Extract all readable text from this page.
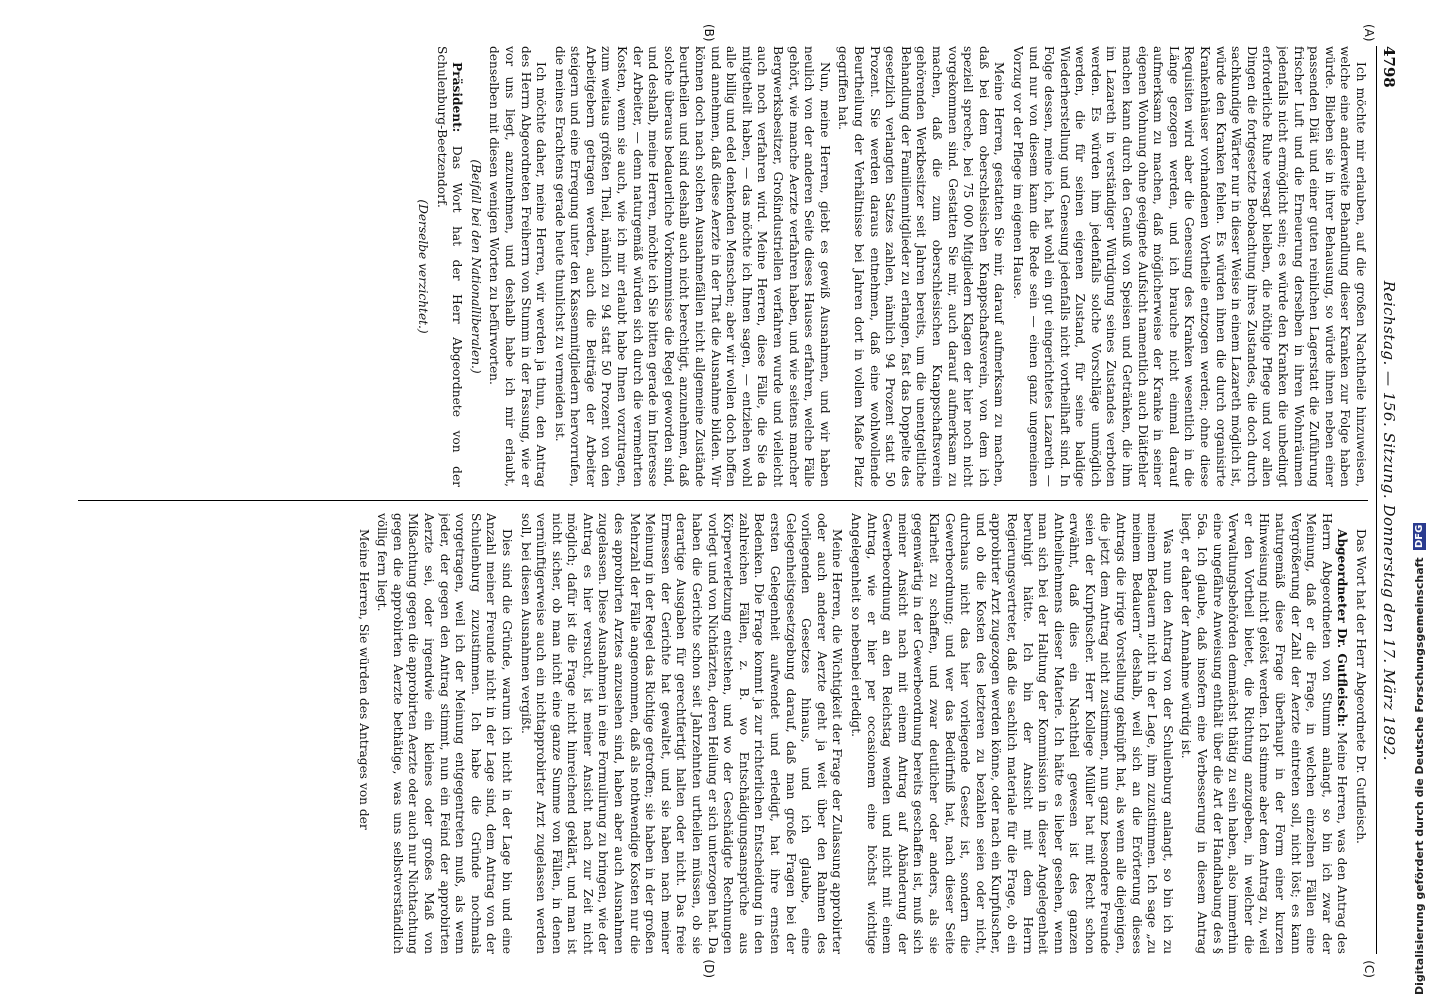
4798
Reichstag. — 156. Sitzung. Donnerstag den 17. März 1892.

Ich möchte mir erlauben, auf die großen Nachtheile hinzuweisen, welche eine anderweite Behandlung dieser Kranken zur Folge haben würde. Blieben sie in ihrer Behausung, so würde ihnen neben einer passenden Diät und einer guten reinlichen Lagerstatt die Zuführung frischer Luft und die Erneuerung derselben in ihren Wohnräumen jedenfalls nicht ermöglicht sein; es würde den Kranken die unbedingt erforderliche Ruhe versagt bleiben, die nöthige Pflege und vor allen Dingen die fortgesetzte Beobachtung ihres Zustandes, die doch durch sachkundige Wärter nur in dieser Weise in einem Lazareth möglich ist, würde den Kranken fehlen. Es würden ihnen die durch organisirte Krankenhäuser vorhandenen Vortheile entzogen werden; ohne diese Requisiten wird aber die Genesung des Kranken wesentlich in die Länge gezogen werden, und ich brauche nicht einmal darauf aufmerksam zu machen, daß möglicherweise der Kranke in seiner eigenen Wohnung ohne geeignete Aufsicht namentlich auch Diätfehler machen kann durch den Genuß von Speisen und Getränken, die ihm im Lazareth in verständiger Würdigung seines Zustandes verboten werden. Es würden ihm jedenfalls solche Vorschläge unmöglich werden, die für seinen eigenen Zustand, für seine baldige Wiederherstellung und Genesung jedenfalls nicht vortheilhaft sind. In Folge dessen, meine ich, hat wohl ein gut eingerichtetes Lazareth — und nur von diesem kann die Rede sein — einen ganz ungemeinen Vorzug vor der Pflege im eigenen Hause.

Meine Herren, gestatten Sie mir, darauf aufmerksam zu machen, daß bei dem oberschlesischen Knappschaftsverein, von dem ich speziell spreche, bei 75 000 Mitgliedern Klagen der hier noch nicht vorgekommen sind. Gestatten Sie mir, auch darauf aufmerksam zu machen, daß die zum oberschlesischen Knappschaftsverein gehörenden Werkbesitzer seit Jahren bereits, um die unentgeltliche Behandlung der Familienmitglieder zu erlangen, fast das Doppelte des gesetzlich verlangten Satzes zahlen, nämlich 94 Prozent statt 50 Prozent. Sie werden daraus entnehmen, daß eine wohlwollende Beurtheilung der Verhältnisse bei Jahren dort in vollem Maße Platz gegriffen hat.

Nun, meine Herren, giebt es gewiß Ausnahmen, und wir haben neulich von der anderen Seite dieses Hauses erfahren, welche Fälle gehört, wie manche Aerzte verfahren haben, und wie seitens mancher Bergwerksbesitzer, Großindustriellen verfahren wurde und vielleicht auch noch verfahren wird. Meine Herren, diese Fälle, die Sie da mitgetheilt haben, — das möchte ich Ihnen sagen, — entziehen wohl alle billig und edel denkenden Menschen; aber wir wollen doch hoffen und annehmen, daß diese Aerzte in der That die Ausnahme bilden. Wir können doch nach solchen Ausnahmefällen nicht allgemeine Zustände beurtheilen und sind deshalb auch nicht berechtigt, anzunehmen, daß solche überaus bedauerliche Vorkommnisse die Regel geworden sind, und deshalb, meine Herren, möchte ich Sie bitten gerade im Interesse der Arbeiter, — denn naturgemäß würden sich durch die vermehrten Kosten, wenn sie auch, wie ich mir erlaubt habe Ihnen vorzutragen, zum weitaus größten Theil, nämlich zu 94 statt 50 Prozent von den Arbeitgebern getragen werden, auch die Beiträge der Arbeiter steigern und eine Erregung unter den Kassenmitgliedern hervorrufen, die meines Erachtens gerade heute thunlichst zu vermeiden ist.

Ich möchte daher, meine Herren, wir werden ja thun, den Antrag des Herrn Abgeordneten Freiherrn von Stumm in der Fassung, wie er vor uns liegt, anzunehmen, und deshalb habe ich mir erlaubt, denselben mit diesen wenigen Worten zu befürworten.

(Beifall bei den Nationalliberalen.)

Präsident: Das Wort hat der Herr Abgeordnete von der Schulenburg-Beetzendorf.

(Derselbe verzichtet.)

Das Wort hat der Herr Abgeordnete Dr. Gutfleisch.

Abgeordneter Dr. Gutfleisch: Meine Herren, was den Antrag des Herrn Abgeordneten von Stumm anlangt, so bin ich zwar der Meinung, daß er die Frage, in welchen einzelnen Fällen eine Vergrößerung der Zahl der Aerzte eintreten soll, nicht löst; es kann naturgemäß diese Frage überhaupt in der Form einer kurzen Hinweisung nicht gelöst werden. Ich stimme aber dem Antrag zu, weil er den Vortheil bietet, die Richtung anzugeben, in welcher die Verwaltungsbehörden demnächst thätig zu sein haben, also immerhin eine ungefähre Anweisung enthält über die Art der Handhabung des § 56a. Ich glaube, daß insofern eine Verbesserung in diesem Antrag liegt, er daher der Annahme würdig ist.

Was nun den Antrag von der Schulenburg anlangt, so bin ich zu meinem Bedauern nicht in der Lage, ihm zuzustimmen. Ich sage „zu meinem Bedauern“ deshalb, weil sich an die Erörterung dieses Antrags die irrige Vorstellung geknüpft hat, als wenn alle diejenigen, die jetzt dem Antrag nicht zustimmen, nun ganz besondere Freunde seien der Kurpfuscher. Herr Kollege Müller hat mit Recht schon erwähnt, daß dies ein Nachtheil gewesen ist des ganzen Antheilnehmens dieser Materie. Ich hätte es lieber gesehen, wenn man sich bei der Haltung der Kommission in dieser Angelegenheit beruhigt hätte. Ich bin der Ansicht mit dem Herrn Regierungsvertreter, daß die sachlich materiale für die Frage, ob ein approbirter Arzt zugezogen werden könne, oder nach ein Kurpfuscher, und ob die Kosten des letzteren zu bezahlen seien oder nicht, durchaus nicht das hier vorliegende Gesetz ist, sondern die Gewerbeordnung; und wer das Bedürfniß hat, nach dieser Seite Klarheit zu schaffen, und zwar deutlicher oder anders, als sie gegenwärtig in der Gewerbeordnung bereits geschaffen ist, muß sich meiner Ansicht nach mit einem Antrag auf Abänderung der Gewerbeordnung an den Reichstag wenden und nicht mit einem Antrag, wie er hier per occasionem eine höchst wichtige Angelegenheit so nebenbei erledigt.

Meine Herren, die Wichtigkeit der Frage der Zulassung approbirter oder auch anderer Aerzte geht ja weit über den Rahmen des vorliegenden Gesetzes hinaus, und ich glaube, eine Gelegenheitsgesetzgebung darauf, daß man große Fragen bei der ersten Gelegenheit aufwendet und erledigt, hat ihre ernsten Bedenken. Die Frage kommt ja zur richterlichen Entscheidung in den zahlreichen Fällen, z. B. wo Entschädigungsansprüche aus Körperverletzung entstehen, und wo der Geschädigte Rechnungen vorlegt und von Nichtärzten, deren Heilung er sich unterzogen hat. Da haben die Gerichte schon seit Jahrzehnten urtheilen müssen, ob sie derartige Ausgaben für gerechtfertigt halten oder nicht. Das freie Ermessen der Gerichte hat gewaltet, und sie haben nach meiner Meinung in der Regel das Richtige getroffen; sie haben in der großen Mehrzahl der Fälle angenommen, daß als nothwendige Kosten nur die des approbirten Arztes anzusehen sind, haben aber auch Ausnahmen zugelassen. Diese Ausnahmen in eine Formulirung zu bringen, wie der Antrag es hier versucht, ist meiner Ansicht nach zur Zeit nicht möglich; dafür ist die Frage nicht hinreichend geklärt, und man ist nicht sicher, ob man nicht eine ganze Summe von Fällen, in denen vernünftigerweise auch ein nichtapprobirter Arzt zugelassen werden soll, bei diesen Ausnahmen vergißt.

Dies sind die Gründe, warum ich nicht in der Lage bin und eine Anzahl meiner Freunde nicht in der Lage sind, dem Antrag von der Schulenburg zuzustimmen. Ich habe die Gründe nochmals vorgetragen, weil ich der Meinung entgegentreten muß, als wenn jeder, der gegen den Antrag stimmt, nun ein Feind der approbirten Aerzte sei, oder irgendwie ein kleines oder großes Maß von Mißachtung gegen die approbirten Aerzte oder auch nur Nichtachtung gegen die approbirten Aerzte bethätige, was uns selbstverständlich völlig fern liegt.

Meine Herren, Sie würden des Antrages von der

(A)
(B)
(C)
(D)	Digitalisierung gefördert durch die Deutsche Forschungsgemeinschaft DFG
